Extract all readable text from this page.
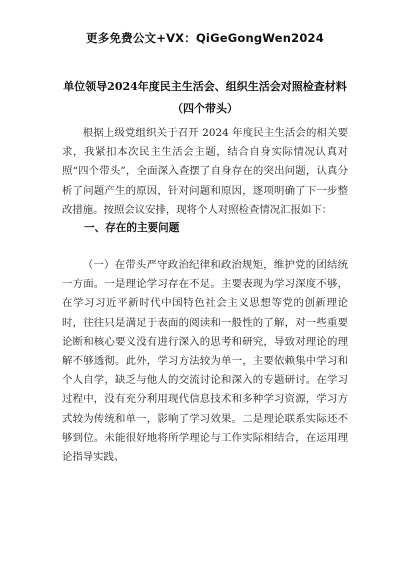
更多免费公文+VX：QiGeGongWen2024
单位领导2024年度民主生活会、组织生活会对照检查材料
（四个带头）
根据上级党组织关于召开 2024 年度民主生活会的相关要求，我紧扣本次民主生活会主题，结合自身实际情况认真对照“四个带头”，全面深入查摆了自身存在的突出问题，认真分析了问题产生的原因，针对问题和原因，逐项明确了下一步整改措施。按照会议安排，现将个人对照检查情况汇报如下：
一、存在的主要问题
（一）在带头严守政治纪律和政治规矩，维护党的团结统一方面。一是理论学习存在不足。主要表现为学习深度不够，在学习习近平新时代中国特色社会主义思想等党的创新理论时，往往只是满足于表面的阅读和一般性的了解，对一些重要论断和核心要义没有进行深入的思考和研究，导致对理论的理解不够透彻。此外，学习方法较为单一，主要依赖集中学习和个人自学，缺乏与他人的交流讨论和深入的专题研讨。在学习过程中，没有充分利用现代信息技术和多种学习资源，学习方式较为传统和单一，影响了学习效果。二是理论联系实际还不够到位。未能很好地将所学理论与工作实际相结合，在运用理论指导实践、
